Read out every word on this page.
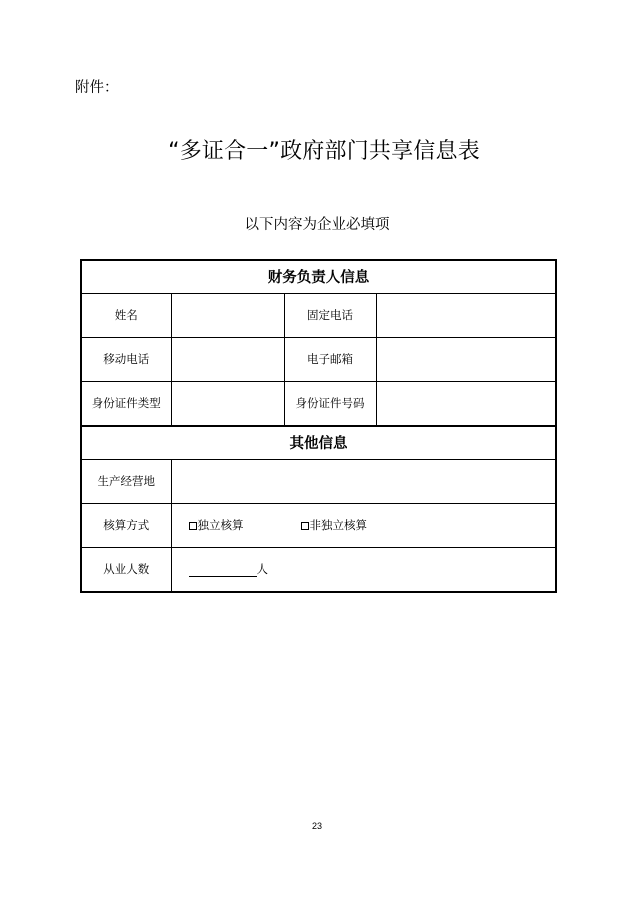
附件：
“多证合一”政府部门共享信息表
以下内容为企业必填项
财务负责人信息			
姓名		固定电话	
移动电话		电子邮箱	
身份证件类型		身份证件号码	
其他信息			
生产经营地			
核算方式	独立核算 非独立核算		

从业人数	人		
23
